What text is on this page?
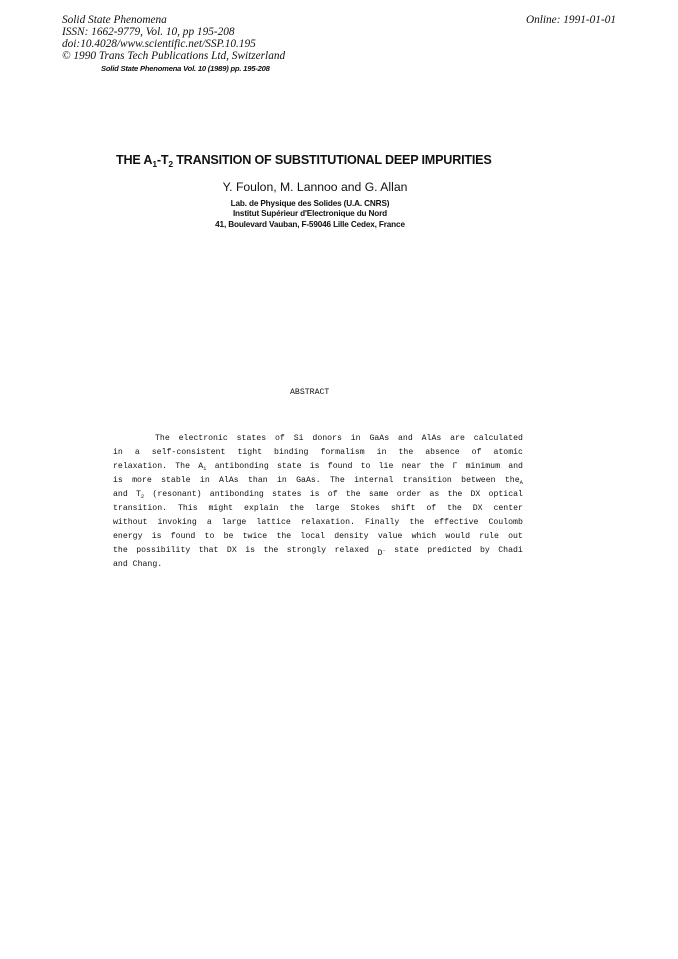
Solid State Phenomena
ISSN: 1662-9779, Vol. 10, pp 195-208
doi:10.4028/www.scientific.net/SSP.10.195
© 1990 Trans Tech Publications Ltd, Switzerland
Online: 1991-01-01
Solid State Phenomena Vol. 10 (1989) pp. 195-208
THE $A_1-T_2$ TRANSITION OF SUBSTITUTIONAL DEEP IMPURITIES
Y. Foulon, M. Lannoo and G. Allan
Lab. de Physique des Solides (U.A. CNRS)
Institut Supérieur d'Electronique du Nord
41, Boulevard Vauban, F-59046 Lille Cedex, France
ABSTRACT
The electronic states of Si donors in GaAs and AlAs are calculated
in a self-consistent tight binding formalism in the absence of atomic
relaxation. The $A_1$ antibonding state is found to lie near the Γ minimum and
is more stable in AlAs than in GaAs. The internal transition between the$_A$
and $T_2$ (resonant) antibonding states is of the same order as the DX optical
transition. This might explain the large Stokes shift of the DX center
without invoking a large lattice relaxation. Finally the effective Coulomb
energy is found to be twice the local density value which would rule out
the possibility that DX is the strongly relaxed D- state predicted by Chadi
and
Chang.
